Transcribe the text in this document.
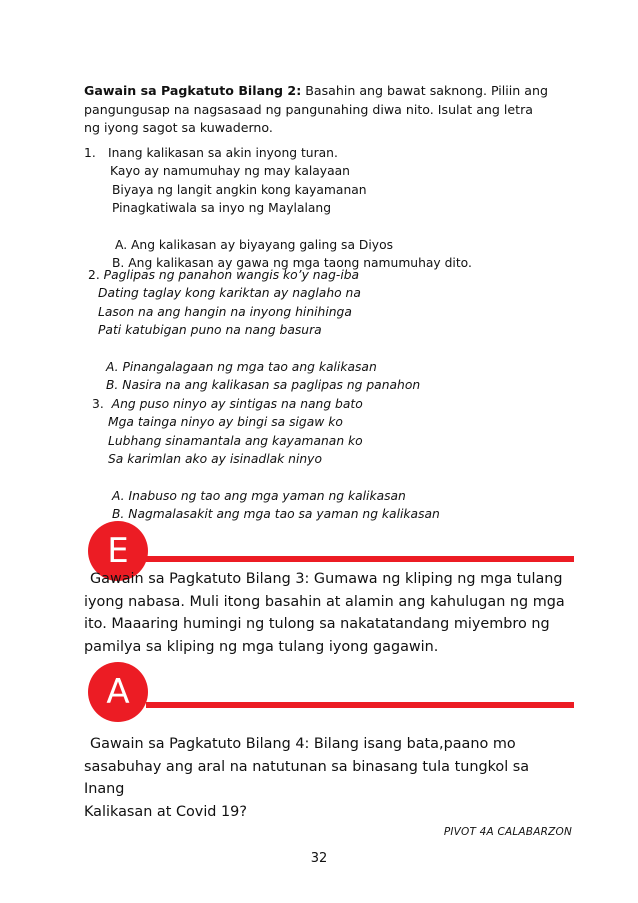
Gawain sa Pagkatuto Bilang 2: Basahin ang bawat saknong. Piliin ang
pangungusap na nagsasaad ng pangunahing diwa nito. Isulat ang letra
ng iyong sagot sa kuwaderno.
1. Inang kalikasan sa akin inyong turan.
Kayo ay namumuhay ng may kalayaan
Biyaya ng langit angkin kong kayamanan
Pinagkatiwala sa inyo ng Maylalang
A. Ang kalikasan ay biyayang galing sa Diyos
B. Ang kalikasan ay gawa ng mga taong namumuhay dito.
2. Paglipas ng panahon wangis ko’y nag-iba
Dating taglay kong kariktan ay naglaho na
Lason na ang hangin na inyong hinihinga
Pati katubigan puno na nang basura
A. Pinangalagaan ng mga tao ang kalikasan
B. Nasira na ang kalikasan sa paglipas ng panahon
3. Ang puso ninyo ay sintigas na nang bato
Mga tainga ninyo ay bingi sa sigaw ko
Lubhang sinamantala ang kayamanan ko
Sa karimlan ako ay isinadlak ninyo
A. Inabuso ng tao ang mga yaman ng kalikasan
B. Nagmalasakit ang mga tao sa yaman ng kalikasan
E
Gawain sa Pagkatuto Bilang 3: Gumawa ng kliping ng mga tulang
iyong nabasa. Muli itong basahin at alamin ang kahulugan ng mga
ito. Maaaring humingi ng tulong sa nakatatandang miyembro ng
pamilya sa kliping ng mga tulang iyong gagawin.
A
Gawain sa Pagkatuto Bilang 4: Bilang isang bata,paano mo
sasabuhay ang aral na natutunan sa binasang tula tungkol sa Inang
Kalikasan at Covid 19?
PIVOT 4A CALABARZON
32
